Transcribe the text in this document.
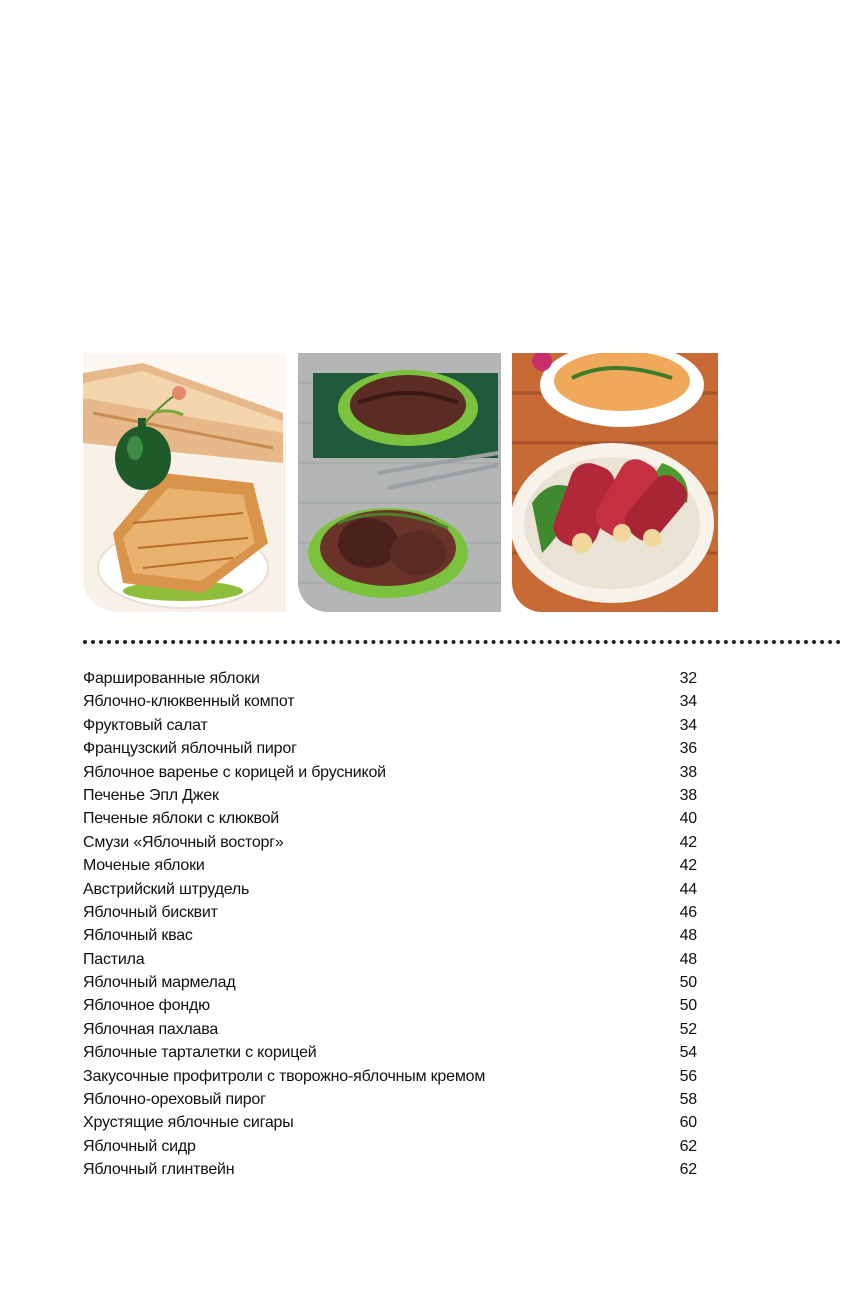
Фаршированные яблоки	32
Яблочно-клюквенный компот	34
Фруктовый салат	34
Французский яблочный пирог	36
Яблочное варенье с корицей и брусникой	38
Печенье Эпл Джек	38
Печеные яблоки с клюквой	40
Смузи «Яблочный восторг»	42
Моченые яблоки	42
Австрийский штрудель	44
Яблочный бисквит	46
Яблочный квас	48
Пастила	48
Яблочный мармелад	50
Яблочное фондю	50
Яблочная пахлава	52
Яблочные тарталетки с корицей	54
Закусочные профитроли с творожно-яблочным кремом	56
Яблочно-ореховый пирог	58
Хрустящие яблочные сигары	60
Яблочный сидр	62
Яблочный глинтвейн	62
